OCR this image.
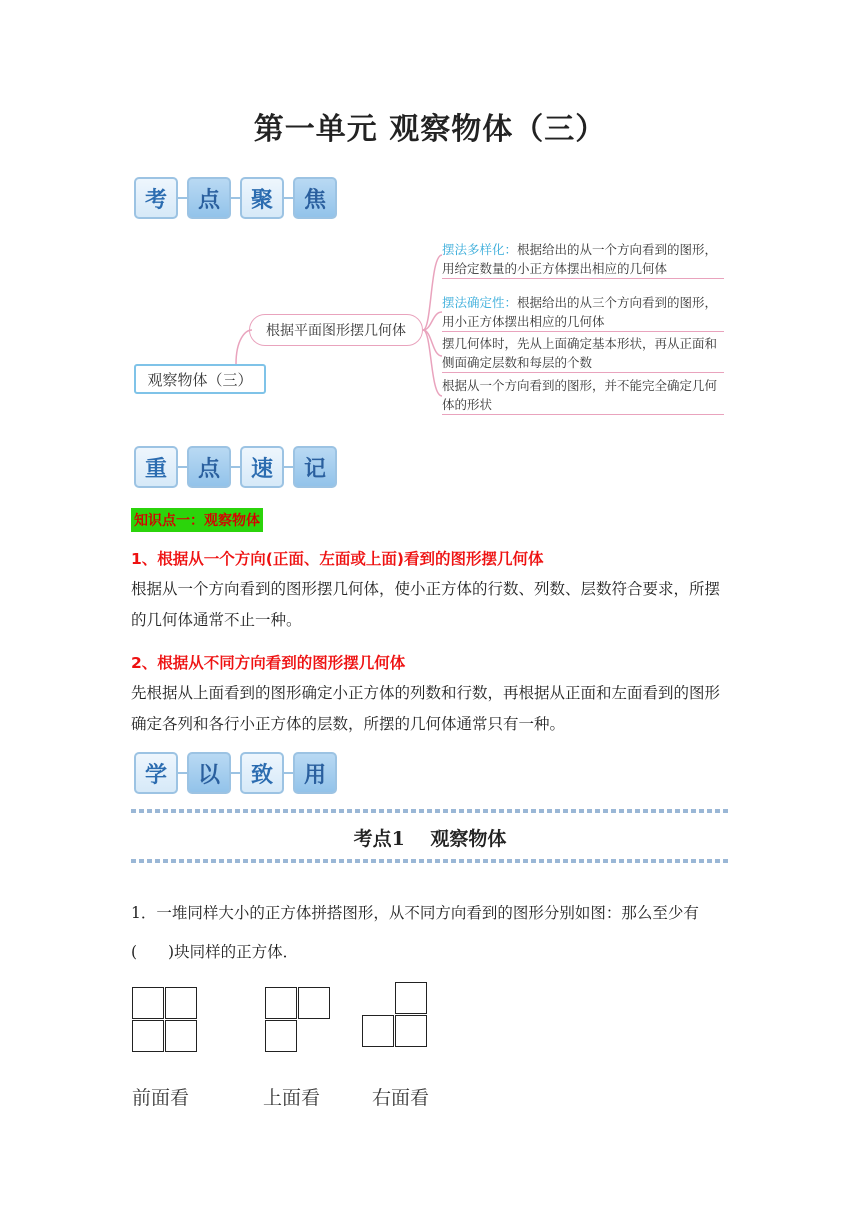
第一单元 观察物体（三）
考	点	聚	焦
观察物体（三）
根据平面图形摆几何体
摆法多样化：根据给出的从一个方向看到的图形，用给定数量的小正方体摆出相应的几何体
摆法确定性：根据给出的从三个方向看到的图形，用小正方体摆出相应的几何体
摆几何体时，先从上面确定基本形状，再从正面和侧面确定层数和每层的个数
根据从一个方向看到的图形，并不能完全确定几何体的形状
重	点	速	记
知识点一：观察物体
1、根据从一个方向(正面、左面或上面)看到的图形摆几何体
根据从一个方向看到的图形摆几何体，使小正方体的行数、列数、层数符合要求，所摆的几何体通常不止一种。
2、根据从不同方向看到的图形摆几何体
先根据从上面看到的图形确定小正方体的列数和行数，再根据从正面和左面看到的图形确定各列和各行小正方体的层数，所摆的几何体通常只有一种。
学	以	致	用
考点1　 观察物体
1．一堆同样大小的正方体拼搭图形，从不同方向看到的图形分别如图：那么至少有(　　)块同样的正方体．
前面看	上面看	右面看
